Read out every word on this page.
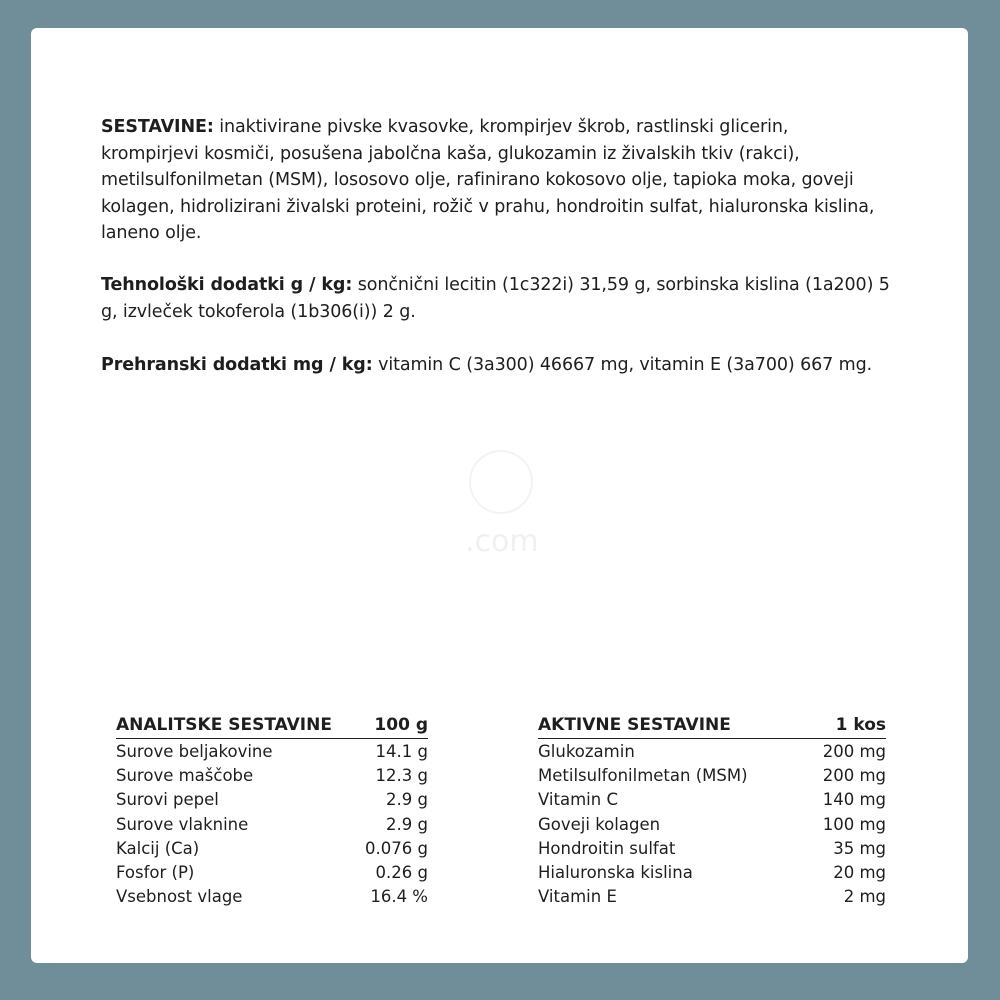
SESTAVINE: inaktivirane pivske kvasovke, krompirjev škrob, rastlinski glicerin, krompirjevi kosmiči, posušena jabolčna kaša, glukozamin iz živalskih tkiv (rakci), metilsulfonilmetan (MSM), lososovo olje, rafinirano kokosovo olje, tapioka moka, goveji kolagen, hidrolizirani živalski proteini, rožič v prahu, hondroitin sulfat, hialuronska kislina, laneno olje.
Tehnološki dodatki g / kg: sončnični lecitin (1c322i) 31,59 g, sorbinska kislina (1a200) 5 g, izvleček tokoferola (1b306(i)) 2 g.
Prehranski dodatki mg / kg: vitamin C (3a300) 46667 mg, vitamin E (3a700) 667 mg.
.com
ANALITSKE SESTAVINE	100 g
Surove beljakovine	14.1 g
Surove maščobe	12.3 g
Surovi pepel	2.9 g
Surove vlaknine	2.9 g
Kalcij (Ca)	0.076 g
Fosfor (P)	0.26 g
Vsebnost vlage	16.4 %
AKTIVNE SESTAVINE	1 kos
Glukozamin	200 mg
Metilsulfonilmetan (MSM)	200 mg
Vitamin C	140 mg
Goveji kolagen	100 mg
Hondroitin sulfat	35 mg
Hialuronska kislina	20 mg
Vitamin E	2 mg
